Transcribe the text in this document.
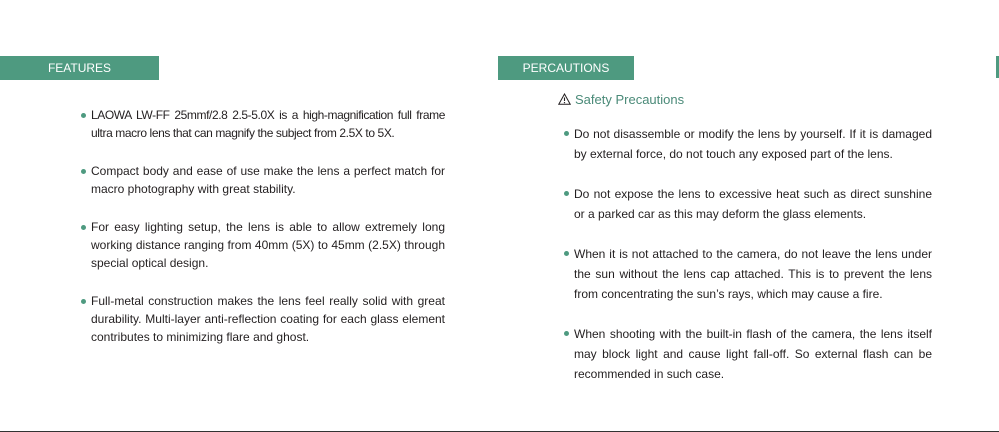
FEATURES
LAOWA LW-FF 25mmf/2.8 2.5-5.0X is a high-magnification full frame ultra macro lens that can magnify the subject from 2.5X to 5X.
Compact body and ease of use make the lens a perfect match for macro photography with great stability.
For easy lighting setup, the lens is able to allow extremely long working distance ranging from 40mm (5X) to 45mm (2.5X) through special optical design.
Full-metal construction makes the lens feel really solid with great durability. Multi-layer anti-reflection coating for each glass element contributes to minimizing flare and ghost.
PERCAUTIONS
Safety Precautions
Do not disassemble or modify the lens by yourself. If it is damaged by external force, do not touch any exposed part of the lens.
Do not expose the lens to excessive heat such as direct sunshine or a parked car as this may deform the glass elements.
When it is not attached to the camera, do not leave the lens under the sun without the lens cap attached. This is to prevent the lens from concentrating the sun’s rays, which may cause a fire.
When shooting with the built-in flash of the camera, the lens itself may block light and cause light fall-off. So external flash can be recommended in such case.
